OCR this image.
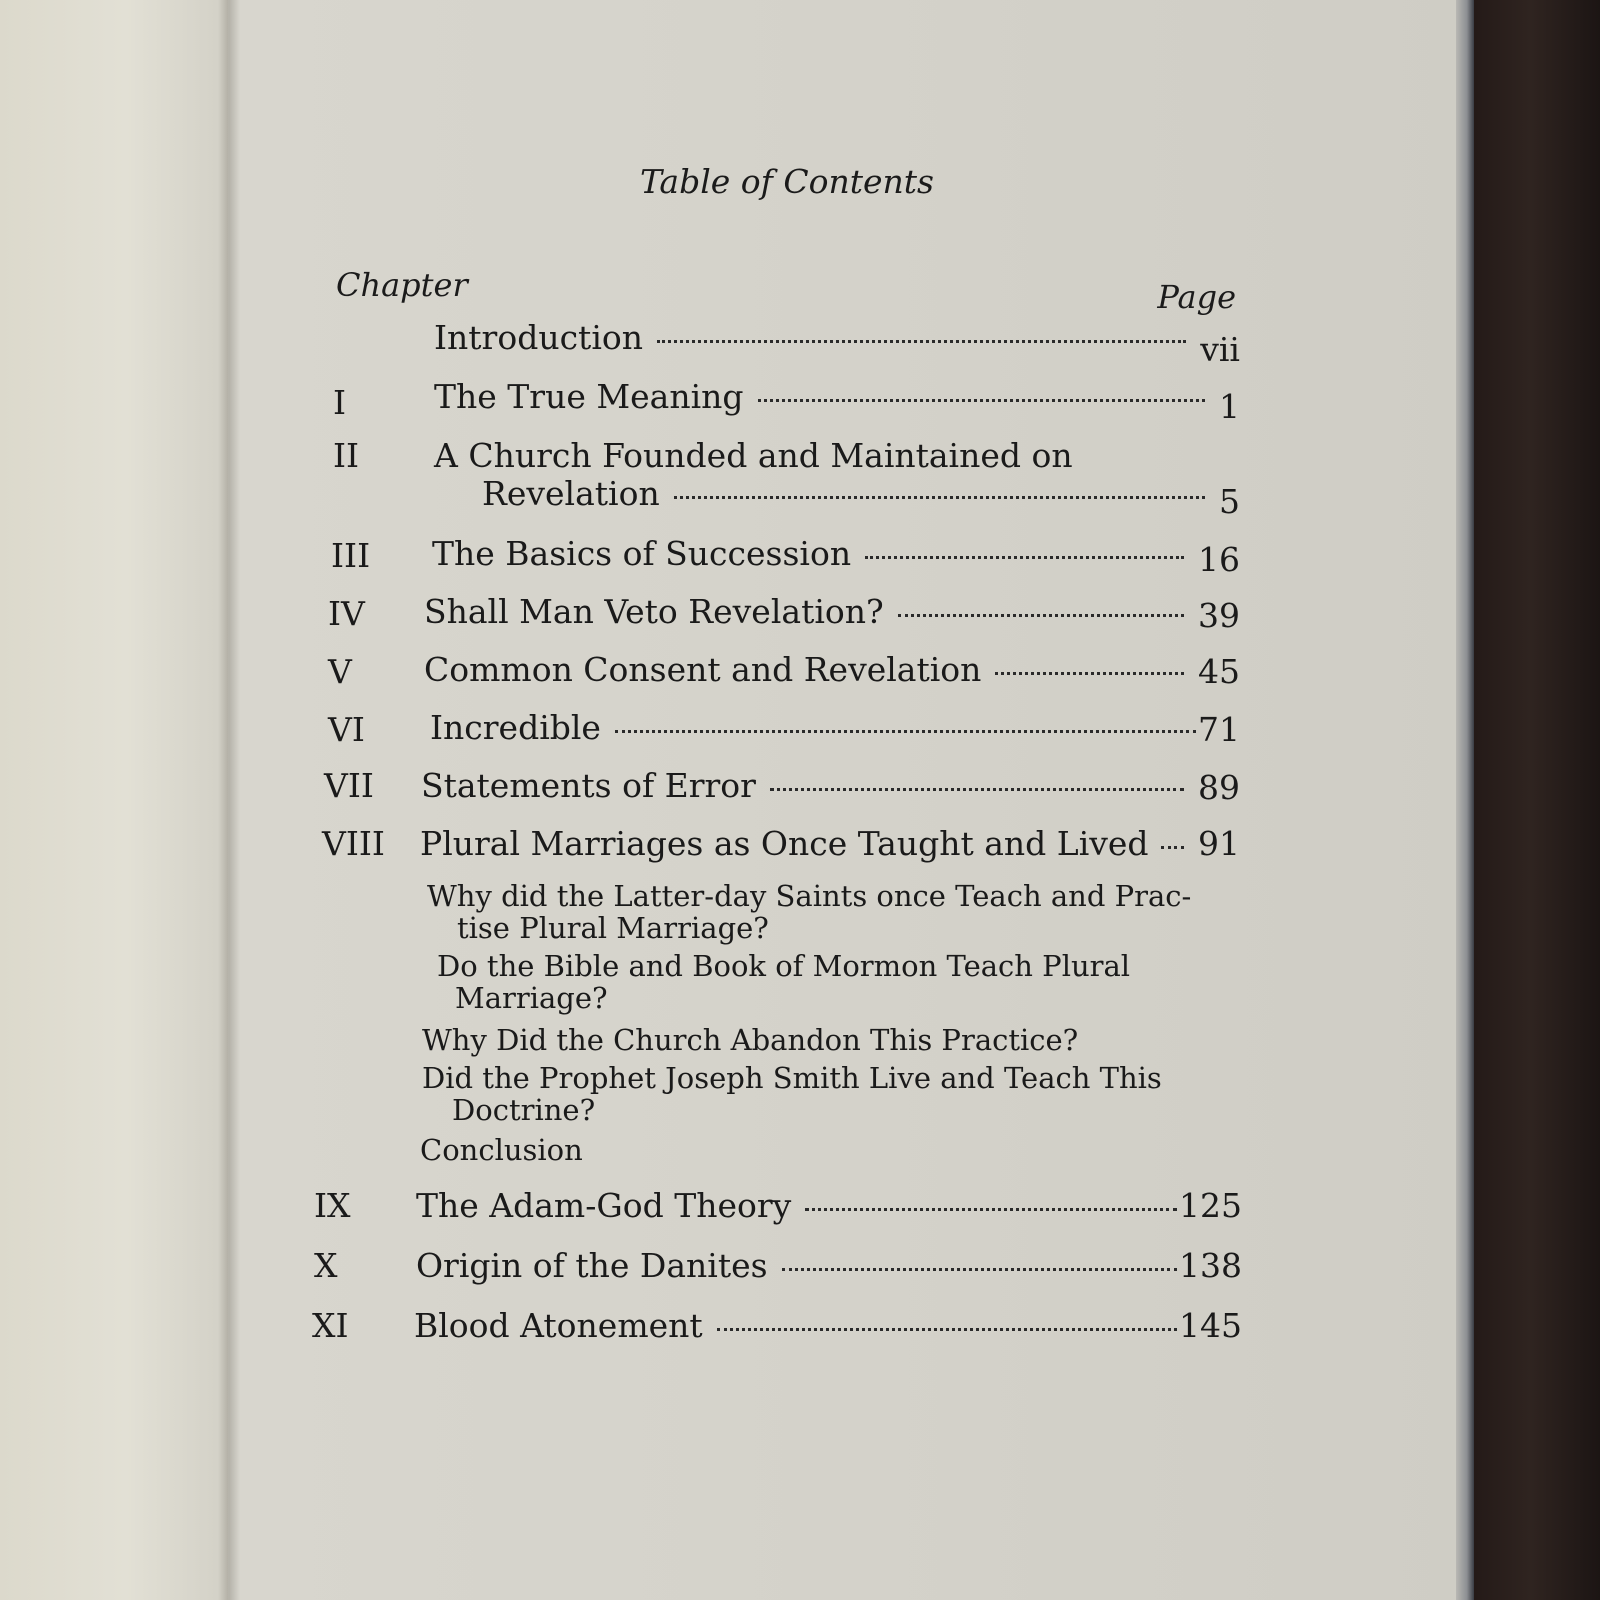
Table of Contents
Chapter	Page
Introduction	vii
I	The True Meaning	1
II A Church Founded and Maintained on
Revelation	5
III The Basics of Succession	16
IV Shall Man Veto Revelation?	39
V Common Consent and Revelation	45
VI Incredible	71
VII Statements of Error	89
VIII Plural Marriages as Once Taught and Lived 91
Why did the Latter-day Saints once Teach and Prac-
tise Plural Marriage?
Do the Bible and Book of Mormon Teach Plural
Marriage?
Why Did the Church Abandon This Practice?
Did the Prophet Joseph Smith Live and Teach This
Doctrine?
Conclusion
IX The Adam-God Theory	125
X Origin of the Danites	138
XI Blood Atonement	145
